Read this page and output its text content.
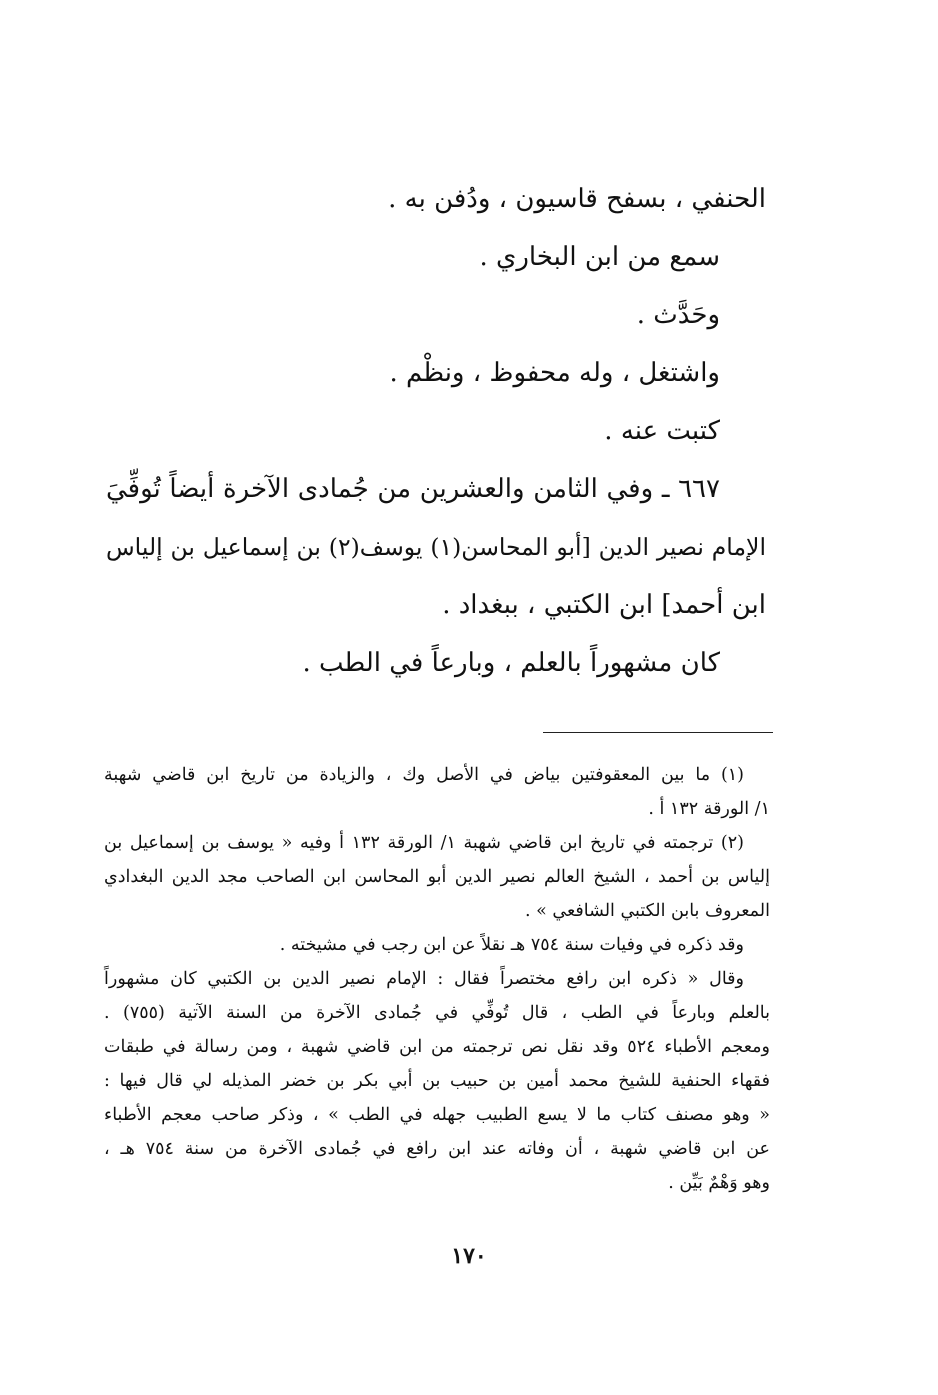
الحنفي ، بسفح قاسيون ، ودُفن به .

سمع من ابن البخاري .

وحَدَّث .

واشتغل ، وله محفوظ ، ونظْم .

كتبت عنه .

٦٦٧ ـ وفي الثامن والعشرين من جُمادى الآخرة أيضاً تُوفِّيَ

الإمام نصير الدين [أبو المحاسن(١) يوسف(٢) بن إسماعيل بن إلياس

ابن أحمد] ابن الكتبي ، ببغداد .

كان مشهوراً بالعلم ، وبارعاً في الطب .

(١) ما بين المعقوفتين بياض في الأصل وك ، والزيادة من تاريخ ابن قاضي شهبة

١/ الورقة ١٣٢ أ .

(٢) ترجمته في تاريخ ابن قاضي شهبة ١/ الورقة ١٣٢ أ وفيه « يوسف بن إسماعيل بن

إلياس بن أحمد ، الشيخ العالم نصير الدين أبو المحاسن ابن الصاحب مجد الدين البغدادي

المعروف بابن الكتبي الشافعي » .

وقد ذكره في وفيات سنة ٧٥٤ هـ نقلاً عن ابن رجب في مشيخته .

وقال « ذكره ابن رافع مختصراً فقال : الإمام نصير الدين بن الكتبي كان مشهوراً

بالعلم وبارعاً في الطب ، قال تُوفِّي في جُمادى الآخرة من السنة الآتية (٧٥٥) .

ومعجم الأطباء ٥٢٤ وقد نقل نص ترجمته من ابن قاضي شهبة ، ومن رسالة في طبقات

فقهاء الحنفية للشيخ محمد أمين بن حبيب بن أبي بكر بن خضر المذيله لي قال فيها :

« وهو مصنف كتاب ما لا يسع الطبيب جهله في الطب » ، وذكر صاحب معجم الأطباء

عن ابن قاضي شهبة ، أن وفاته عند ابن رافع في جُمادى الآخرة من سنة ٧٥٤ هـ ،

وهو وَهْمٌ بَيِّن .

١٧٠
